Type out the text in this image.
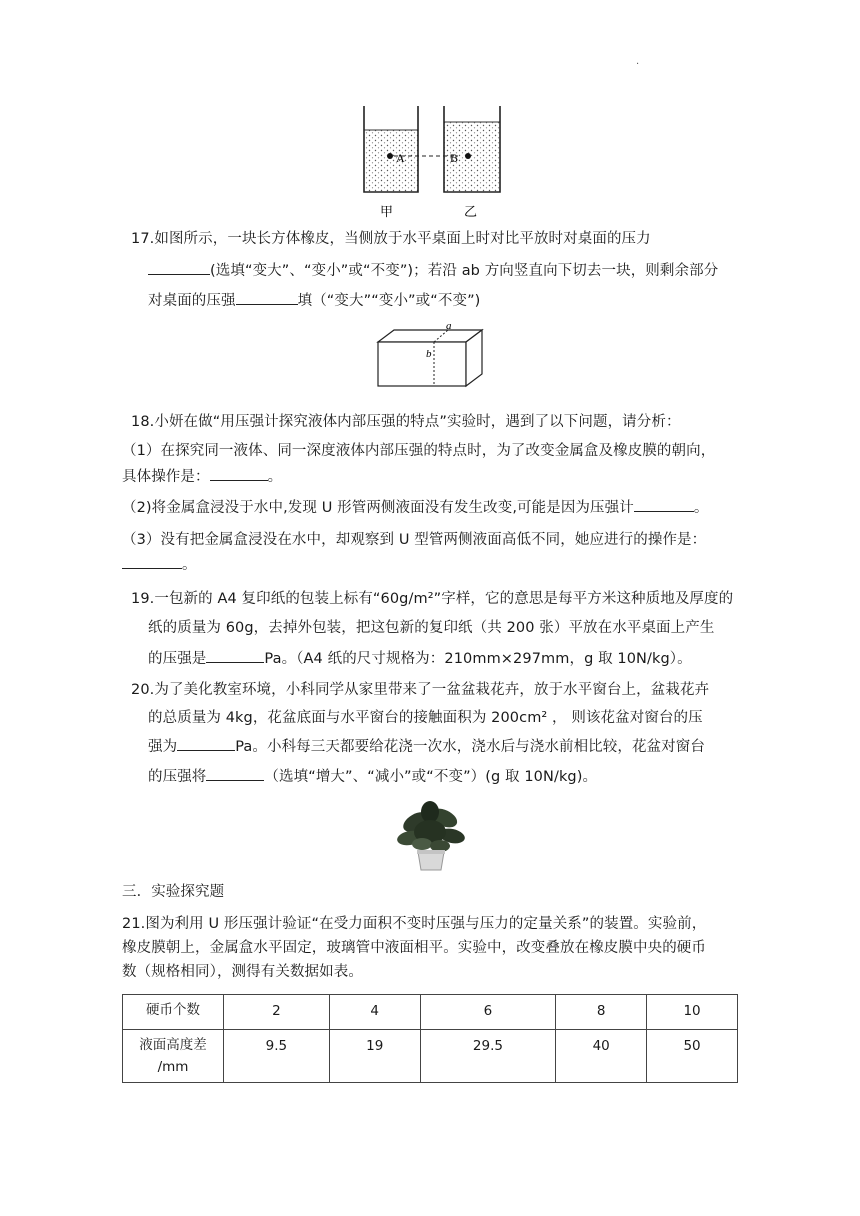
.
A	B
甲	乙
17.如图所示，一块长方体橡皮，当侧放于水平桌面上时对比平放时对桌面的压力
(选填“变大”、“变小”或“不变”)；若沿 ab 方向竖直向下切去一块，则剩余部分
对桌面的压强	填（“变大”“变小”或“不变”)
a
b
18.小妍在做“用压强计探究液体内部压强的特点”实验时，遇到了以下问题，请分析：
（1）在探究同一液体、同一深度液体内部压强的特点时，为了改变金属盒及橡皮膜的朝向，
具体操作是：	。
（2)将金属盒浸没于水中,发现 U 形管两侧液面没有发生改变,可能是因为压强计	。
（3）没有把金属盒浸没在水中，却观察到 U 型管两侧液面高低不同，她应进行的操作是：
。
19.一包新的 A4 复印纸的包装上标有“60g/m²”字样，它的意思是每平方米这种质地及厚度的
纸的质量为 60g，去掉外包装，把这包新的复印纸（共 200 张）平放在水平桌面上产生
的压强是	Pa。（A4 纸的尺寸规格为：210mm×297mm，g 取 10N/kg）。
20.为了美化教室环境，小科同学从家里带来了一盆盆栽花卉，放于水平窗台上，盆栽花卉
的总质量为 4kg，花盆底面与水平窗台的接触面积为 200cm² ， 则该花盆对窗台的压
强为	Pa。小科每三天都要给花浇一次水，浇水后与浇水前相比较，花盆对窗台
的压强将	（选填“增大”、“减小”或“不变”）(g 取 10N/kg)。
三．实验探究题
21.图为利用 U 形压强计验证“在受力面积不变时压强与压力的定量关系”的装置。实验前，
橡皮膜朝上，金属盒水平固定，玻璃管中液面相平。实验中，改变叠放在橡皮膜中央的硬币
数（规格相同），测得有关数据如表。
硬币个数	2	4	6	8	10

液面高度差
/mm	9.5	19	29.5	40	50
